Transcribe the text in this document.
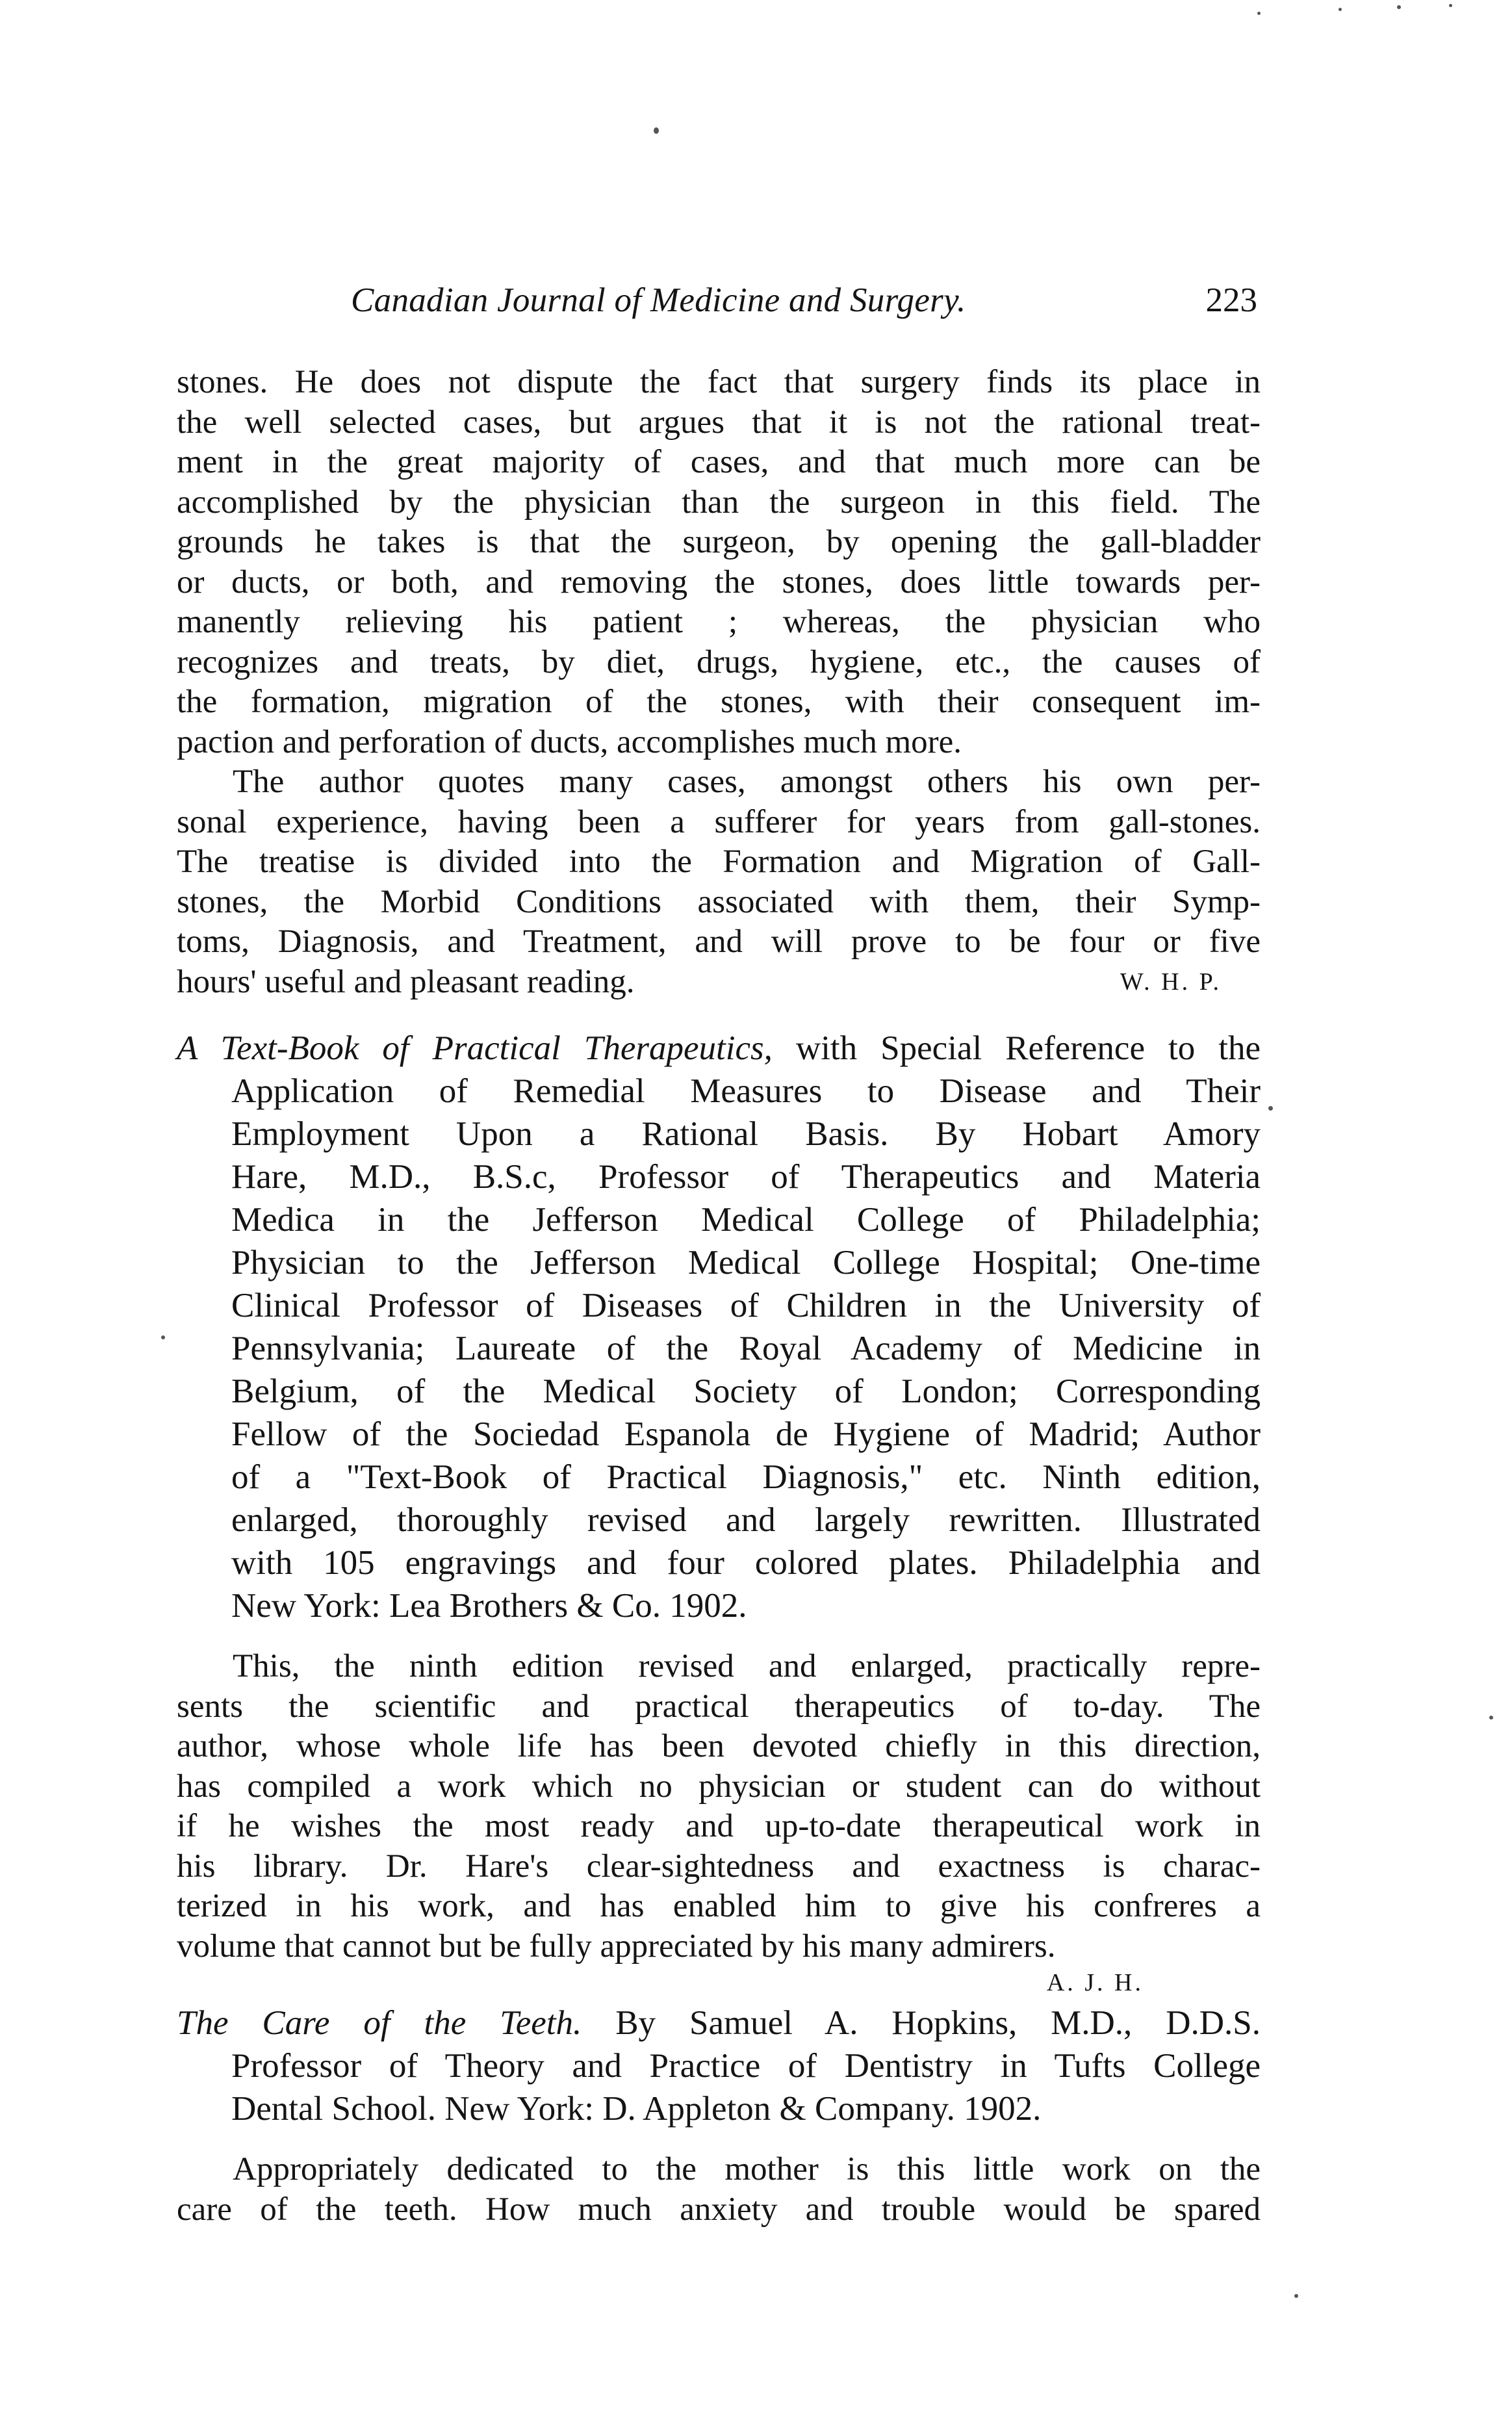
Canadian Journal of Medicine and Surgery.	223
stones. He does not dispute the fact that surgery finds its place in
the well selected cases, but argues that it is not the rational treat-
ment in the great majority of cases, and that much more can be
accomplished by the physician than the surgeon in this field. The
grounds he takes is that the surgeon, by opening the gall-bladder
or ducts, or both, and removing the stones, does little towards per-
manently relieving his patient ; whereas, the physician who
recognizes and treats, by diet, drugs, hygiene, etc., the causes of
the formation, migration of the stones, with their consequent im-
paction and perforation of ducts, accomplishes much more.
The author quotes many cases, amongst others his own per-
sonal experience, having been a sufferer for years from gall-stones.
The treatise is divided into the Formation and Migration of Gall-
stones, the Morbid Conditions associated with them, their Symp-
toms, Diagnosis, and Treatment, and will prove to be four or five
hours' useful and pleasant reading.	W. H. P.
A Text-Book of Practical Therapeutics, with Special Reference to the
Application of Remedial Measures to Disease and Their
Employment Upon a Rational Basis. By Hobart Amory
Hare, M.D., B.S.c, Professor of Therapeutics and Materia
Medica in the Jefferson Medical College of Philadelphia;
Physician to the Jefferson Medical College Hospital; One-time
Clinical Professor of Diseases of Children in the University of
Pennsylvania; Laureate of the Royal Academy of Medicine in
Belgium, of the Medical Society of London; Corresponding
Fellow of the Sociedad Espanola de Hygiene of Madrid; Author
of a "Text-Book of Practical Diagnosis," etc. Ninth edition,
enlarged, thoroughly revised and largely rewritten. Illustrated
with 105 engravings and four colored plates. Philadelphia and
New York: Lea Brothers & Co. 1902.
This, the ninth edition revised and enlarged, practically repre-
sents the scientific and practical therapeutics of to-day. The
author, whose whole life has been devoted chiefly in this direction,
has compiled a work which no physician or student can do without
if he wishes the most ready and up-to-date therapeutical work in
his library. Dr. Hare's clear-sightedness and exactness is charac-
terized in his work, and has enabled him to give his confreres a
volume that cannot but be fully appreciated by his many admirers.
A. J. H.
The Care of the Teeth. By Samuel A. Hopkins, M.D., D.D.S.
Professor of Theory and Practice of Dentistry in Tufts College
Dental School. New York: D. Appleton & Company. 1902.
Appropriately dedicated to the mother is this little work on the
care of the teeth. How much anxiety and trouble would be spared
